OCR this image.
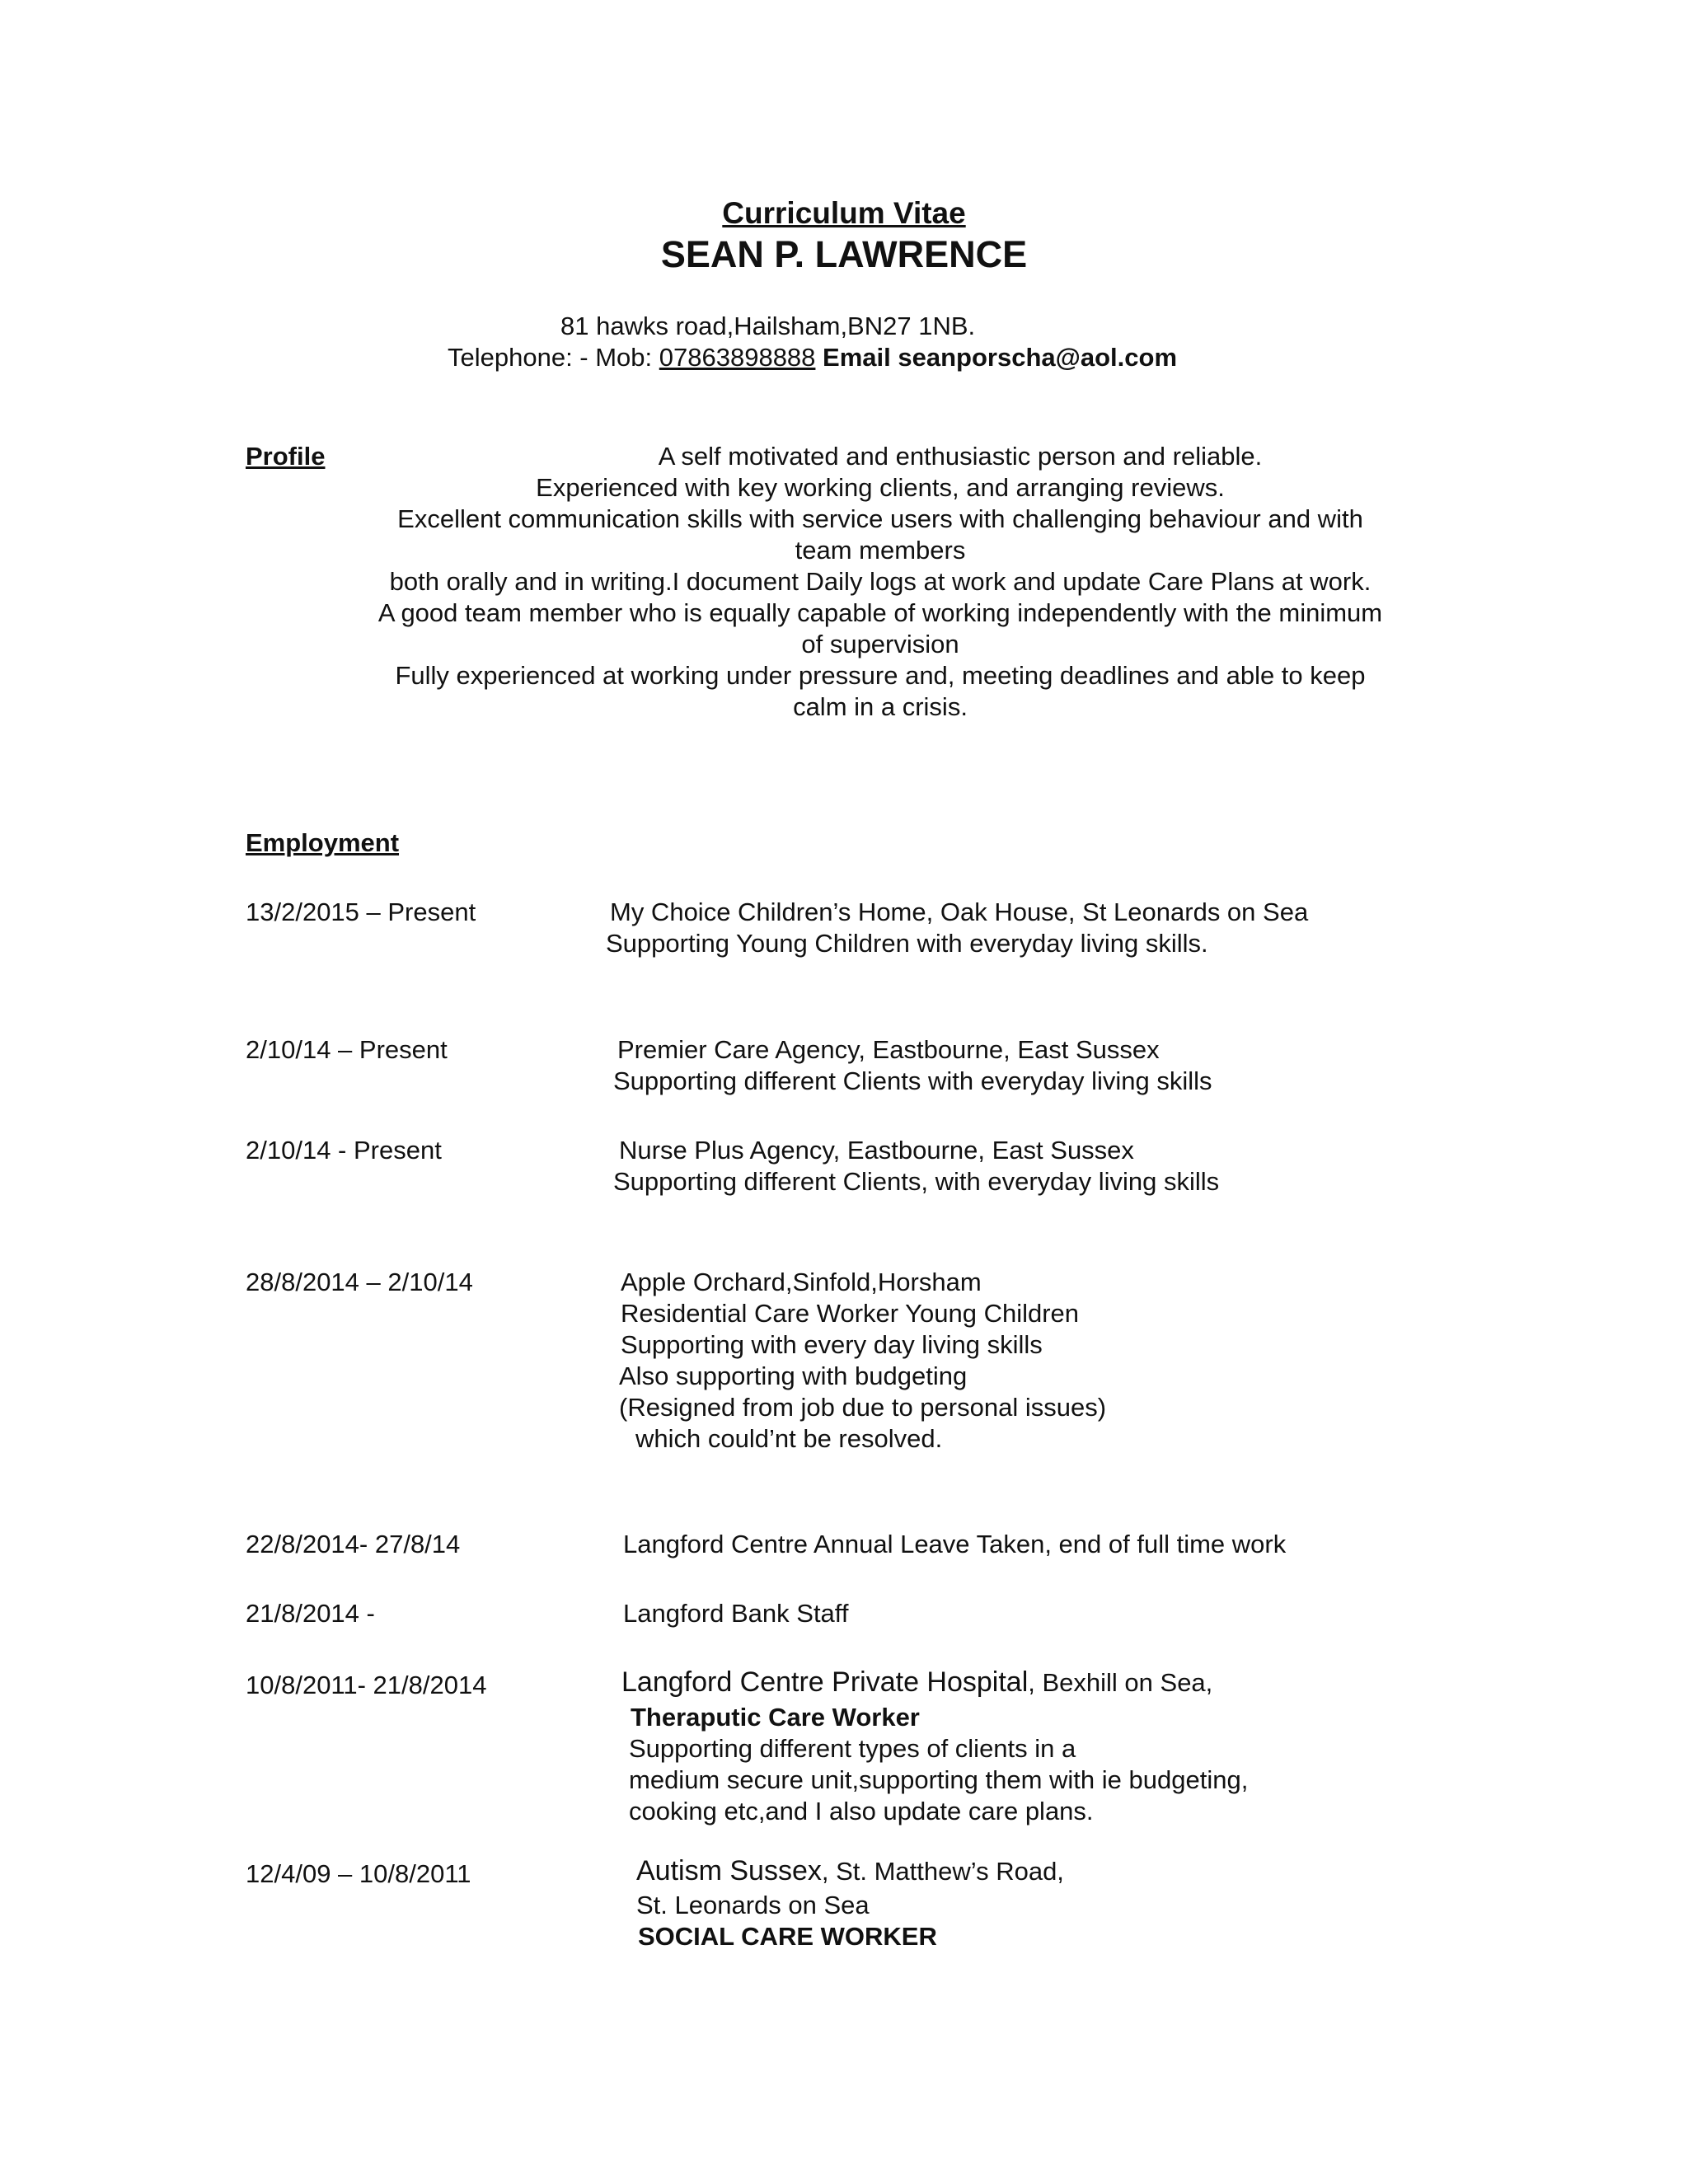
Curriculum Vitae
SEAN P. LAWRENCE
81 hawks road,Hailsham,BN27 1NB.
Telephone: - Mob: 07863898888 Email seanporscha@aol.com
Profile	A self motivated and enthusiastic person and reliable.
Experienced with key working clients, and arranging reviews.
Excellent communication skills with service users with challenging behaviour and with
team members
both orally and in writing.I document Daily logs at work and update Care Plans at work.
A good team member who is equally capable of working independently with the minimum
of supervision
Fully experienced at working under pressure and, meeting deadlines and able to keep
calm in a crisis.
Employment
13/2/2015 – Present	My Choice Children’s Home, Oak House, St Leonards on Sea
Supporting Young Children with everyday living skills.
2/10/14 – Present	Premier Care Agency, Eastbourne, East Sussex
Supporting different Clients with everyday living skills
2/10/14 - Present	Nurse Plus Agency, Eastbourne, East Sussex
Supporting different Clients, with everyday living skills
28/8/2014 – 2/10/14	Apple Orchard,Sinfold,Horsham
Residential Care Worker Young Children
Supporting with every day living skills
Also supporting with budgeting
(Resigned from job due to personal issues)
which could’nt be resolved.
22/8/2014- 27/8/14	Langford Centre Annual Leave Taken, end of full time work
21/8/2014 -	Langford Bank Staff
10/8/2011- 21/8/2014	Langford Centre Private Hospital, Bexhill on Sea,
Theraputic Care Worker
Supporting different types of clients in a
medium secure unit,supporting them with ie budgeting,
cooking etc,and I also update care plans.
12/4/09 – 10/8/2011	Autism Sussex, St. Matthew’s Road,
St. Leonards on Sea
SOCIAL CARE WORKER
